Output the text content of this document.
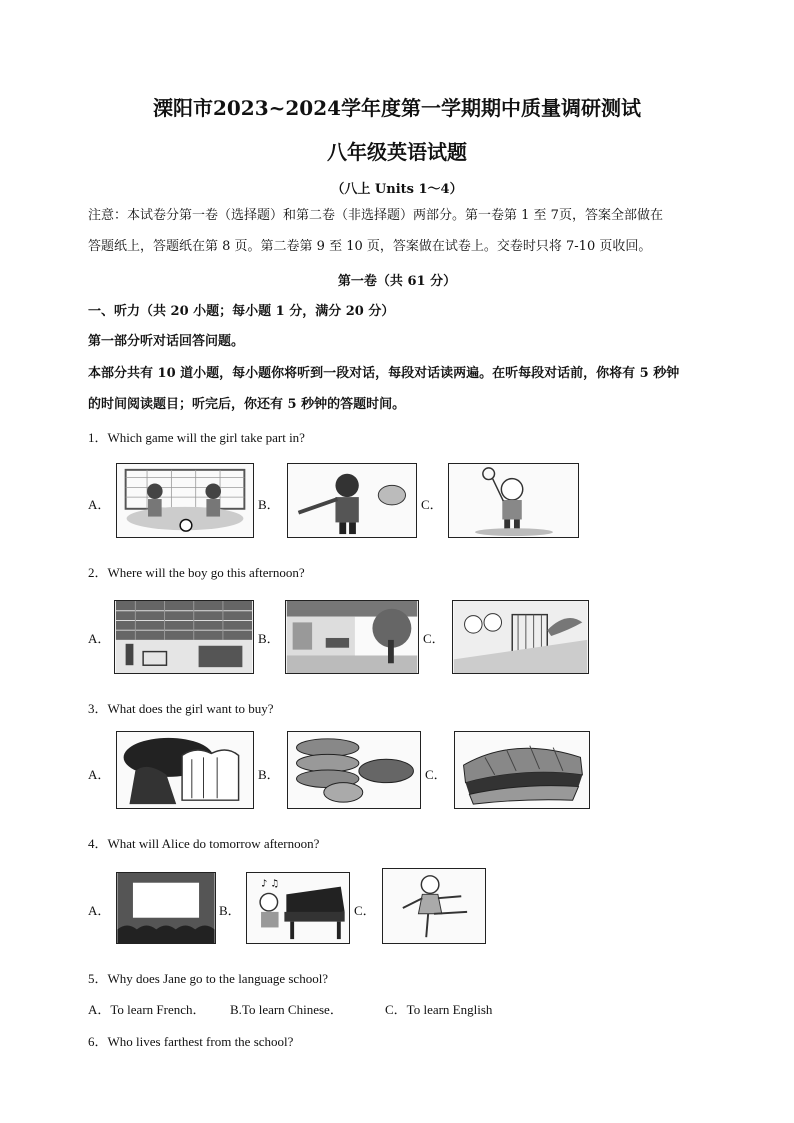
溧阳市2023~2024学年度第一学期期中质量调研测试
八年级英语试题
（八上 Units 1～4）
注意：本试卷分第一卷（选择题）和第二卷（非选择题）两部分。第一卷第 1 至 7页，答案全部做在
答题纸上，答题纸在第 8 页。第二卷第 9 至 10 页，答案做在试卷上。交卷时只将 7-10 页收回。
第一卷（共 61 分）
一、听力（共 20 小题；每小题 1 分，满分 20 分）
第一部分听对话回答问题。
本部分共有 10 道小题，每小题你将听到一段对话，每段对话读两遍。在听每段对话前，你将有 5 秒钟
的时间阅读题目；听完后，你还有 5 秒钟的答题时间。
1．Which game will the girl take part in?
A．	B．	C．
2．Where will the boy go this afternoon?
A．	B．	C．
3．What does the girl want to buy?
A．	B．	C．
4．What will Alice do tomorrow afternoon?
A．	B．
♪ ♫
C．
5．Why does Jane go to the language school?
A．To learn French． B.To learn Chinese．	C．To learn English
6．Who lives farthest from the school?
